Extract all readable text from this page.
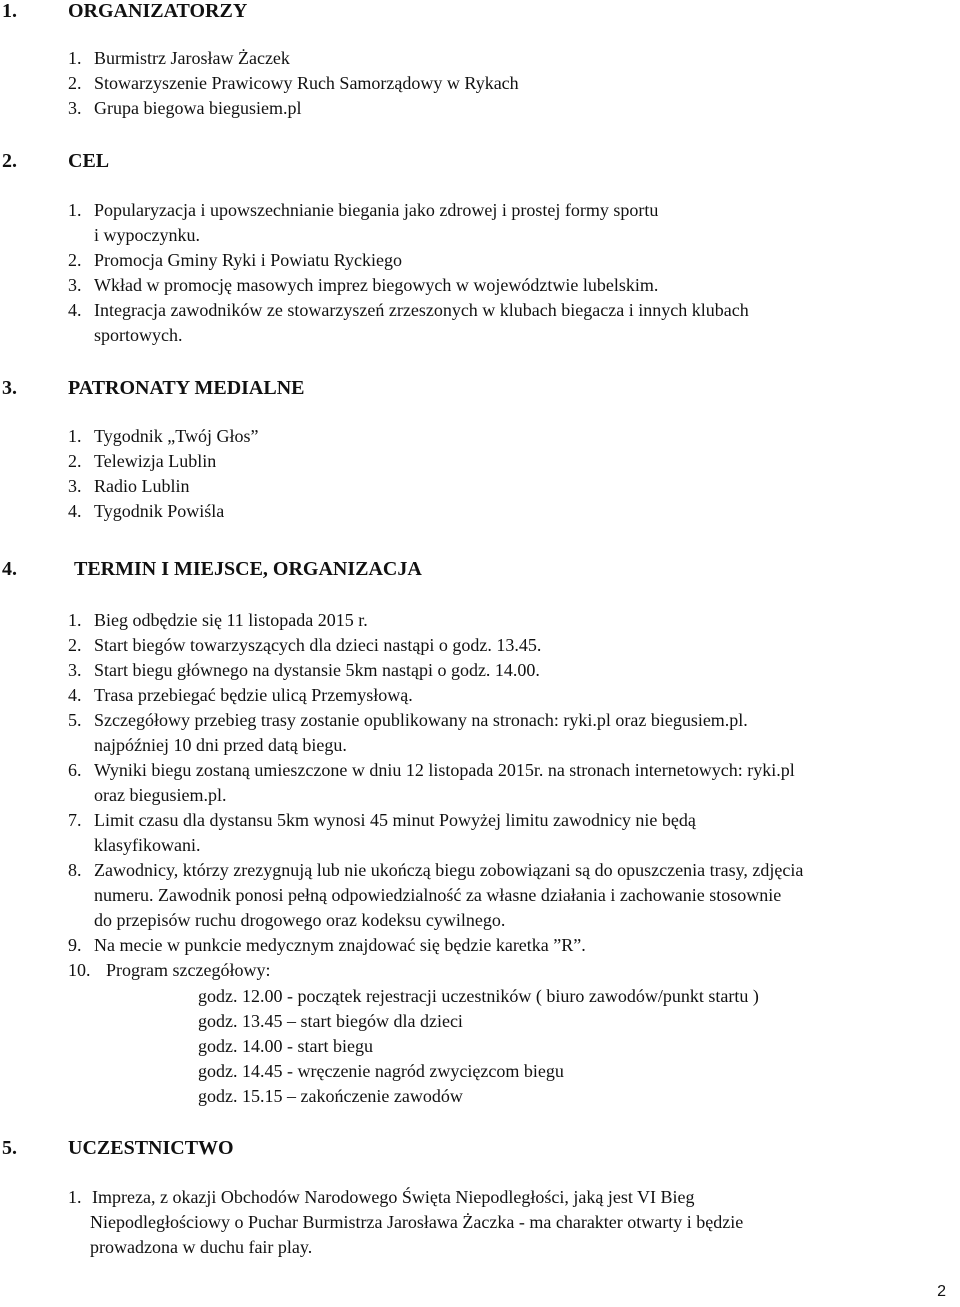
1.	ORGANIZATORZY
1. Burmistrz Jarosław Żaczek
2. Stowarzyszenie Prawicowy Ruch Samorządowy w Rykach
3. Grupa biegowa biegusiem.pl
2.	CEL
1. Popularyzacja i upowszechnianie biegania jako zdrowej i prostej formy sportu
i wypoczynku.
2. Promocja Gminy Ryki i Powiatu Ryckiego
3. Wkład w promocję masowych imprez biegowych w województwie lubelskim.
4. Integracja zawodników ze stowarzyszeń zrzeszonych w klubach biegacza i innych klubach
sportowych.
3.	PATRONATY MEDIALNE
1. Tygodnik „Twój Głos”
2. Telewizja Lublin
3. Radio Lublin
4. Tygodnik Powiśla
4.	TERMIN I MIEJSCE, ORGANIZACJA
1. Bieg odbędzie się 11 listopada 2015 r.
2. Start biegów towarzyszących dla dzieci nastąpi o godz. 13.45.
3. Start biegu głównego na dystansie 5km nastąpi o godz. 14.00.
4. Trasa przebiegać będzie ulicą Przemysłową.
5. Szczegółowy przebieg trasy zostanie opublikowany na stronach: ryki.pl oraz biegusiem.pl.
najpóźniej 10 dni przed datą biegu.
6. Wyniki biegu zostaną umieszczone w dniu 12 listopada 2015r. na stronach internetowych: ryki.pl
oraz biegusiem.pl.
7. Limit czasu dla dystansu 5km wynosi 45 minut Powyżej limitu zawodnicy nie będą
klasyfikowani.
8. Zawodnicy, którzy zrezygnują lub nie ukończą biegu zobowiązani są do opuszczenia trasy, zdjęcia
numeru. Zawodnik ponosi pełną odpowiedzialność za własne działania i zachowanie stosownie
do przepisów ruchu drogowego oraz kodeksu cywilnego.
9. Na mecie w punkcie medycznym znajdować się będzie karetka ”R”.
10. Program szczegółowy:
godz. 12.00 - początek rejestracji uczestników ( biuro zawodów/punkt startu )
godz. 13.45 – start biegów dla dzieci
godz. 14.00 - start biegu
godz. 14.45 - wręczenie nagród zwycięzcom biegu
godz. 15.15 – zakończenie zawodów
5.	UCZESTNICTWO
1. Impreza, z okazji Obchodów Narodowego Święta Niepodległości, jaką jest VI Bieg
Niepodległościowy o Puchar Burmistrza Jarosława Żaczka - ma charakter otwarty i będzie
prowadzona w duchu fair play.
2
